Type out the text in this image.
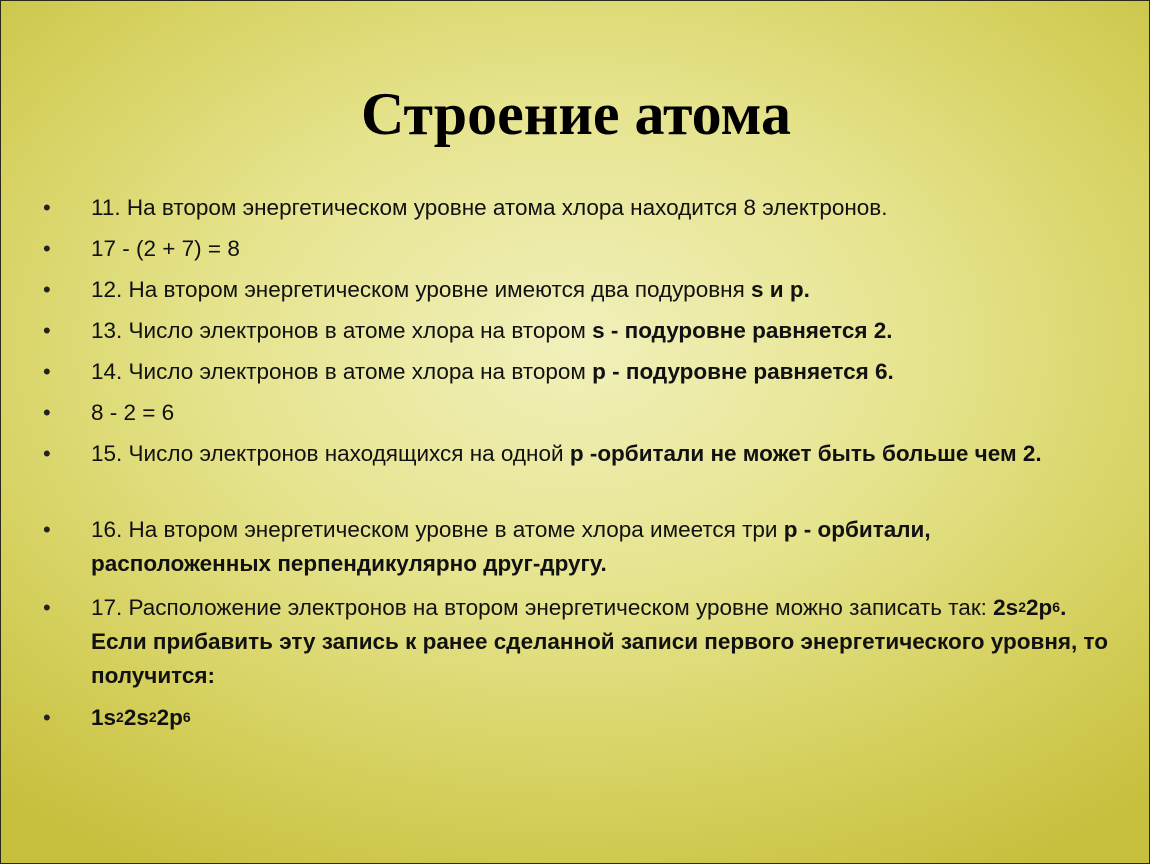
Строение атома
• 11. На втором энергетическом уровне атома хлора находится 8 электронов.
• 17 - (2 + 7) = 8
• 12. На втором энергетическом уровне имеются два подуровня s и p.
• 13. Число электронов в атоме хлора на втором s - подуровне равняется 2.
• 14. Число электронов в атоме хлора на втором p - подуровне равняется 6.
• 8 - 2 = 6
• 15. Число электронов находящихся на одной p -орбитали не может быть больше чем 2.
• 16. На втором энергетическом уровне в атоме хлора имеется три p - орбитали, расположенных перпендикулярно друг-другу.
• 17. Расположение электронов на втором энергетическом уровне можно записать так: $2s^22p^6$. Если прибавить эту запись к ранее сделанной записи первого энергетического уровня, то получится:
• $1s^22s^22p^6$
